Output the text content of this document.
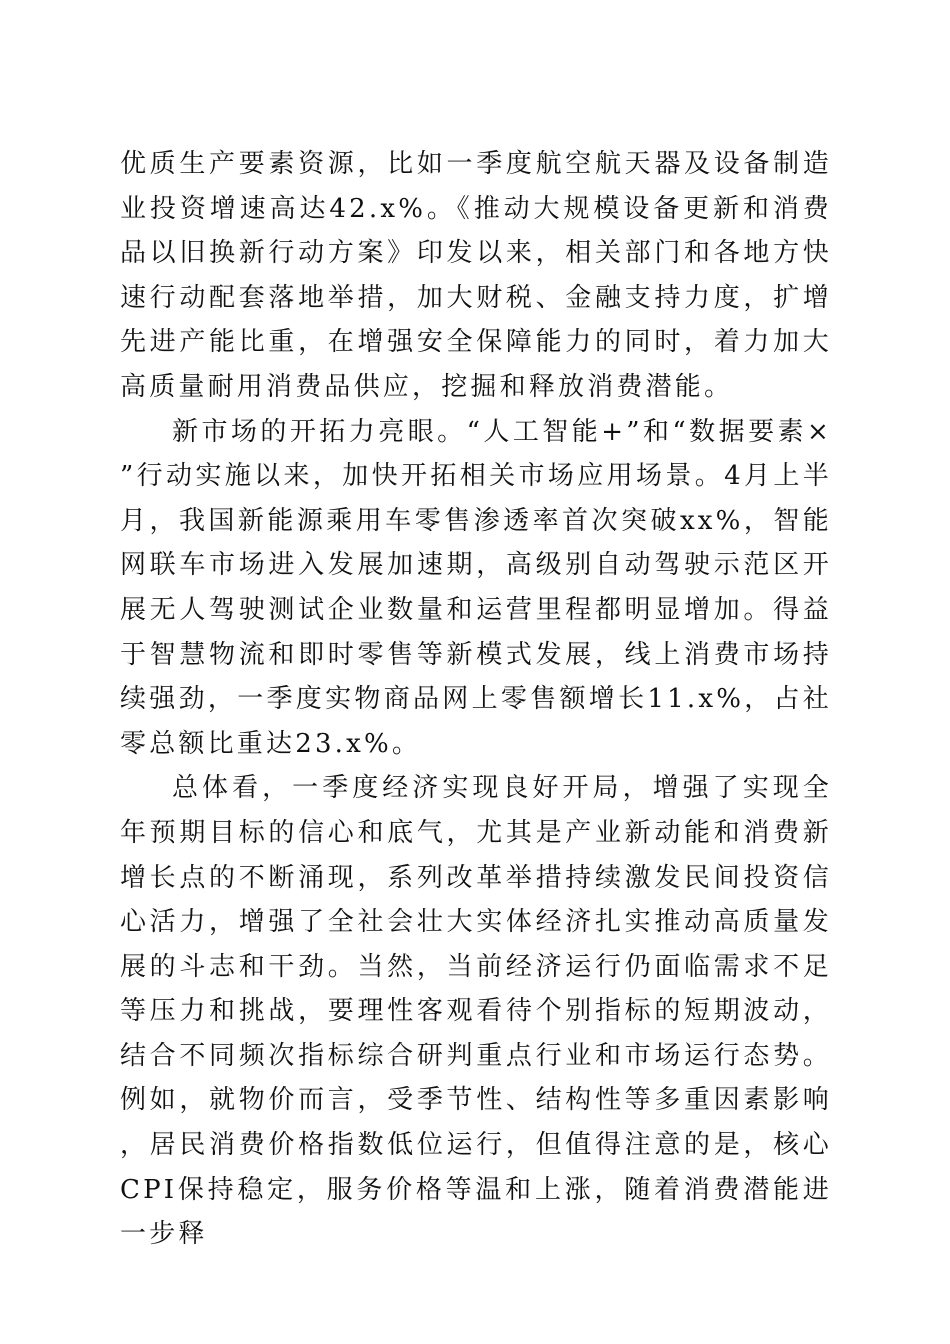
优质生产要素资源，比如一季度航空航天器及设备制造业投资增速高达42.x%。《推动大规模设备更新和消费品以旧换新行动方案》印发以来，相关部门和各地方快速行动配套落地举措，加大财税、金融支持力度，扩增先进产能比重，在增强安全保障能力的同时，着力加大高质量耐用消费品供应，挖掘和释放消费潜能。

新市场的开拓力亮眼。“人工智能+”和“数据要素×”行动实施以来，加快开拓相关市场应用场景。4月上半月，我国新能源乘用车零售渗透率首次突破xx%，智能网联车市场进入发展加速期，高级别自动驾驶示范区开展无人驾驶测试企业数量和运营里程都明显增加。得益于智慧物流和即时零售等新模式发展，线上消费市场持续强劲，一季度实物商品网上零售额增长11.x%，占社零总额比重达23.x%。

总体看，一季度经济实现良好开局，增强了实现全年预期目标的信心和底气，尤其是产业新动能和消费新增长点的不断涌现，系列改革举措持续激发民间投资信心活力，增强了全社会壮大实体经济扎实推动高质量发展的斗志和干劲。当然，当前经济运行仍面临需求不足等压力和挑战，要理性客观看待个别指标的短期波动，结合不同频次指标综合研判重点行业和市场运行态势。例如，就物价而言，受季节性、结构性等多重因素影响，居民消费价格指数低位运行，但值得注意的是，核心CPI保持稳定，服务价格等温和上涨，随着消费潜能进一步释
